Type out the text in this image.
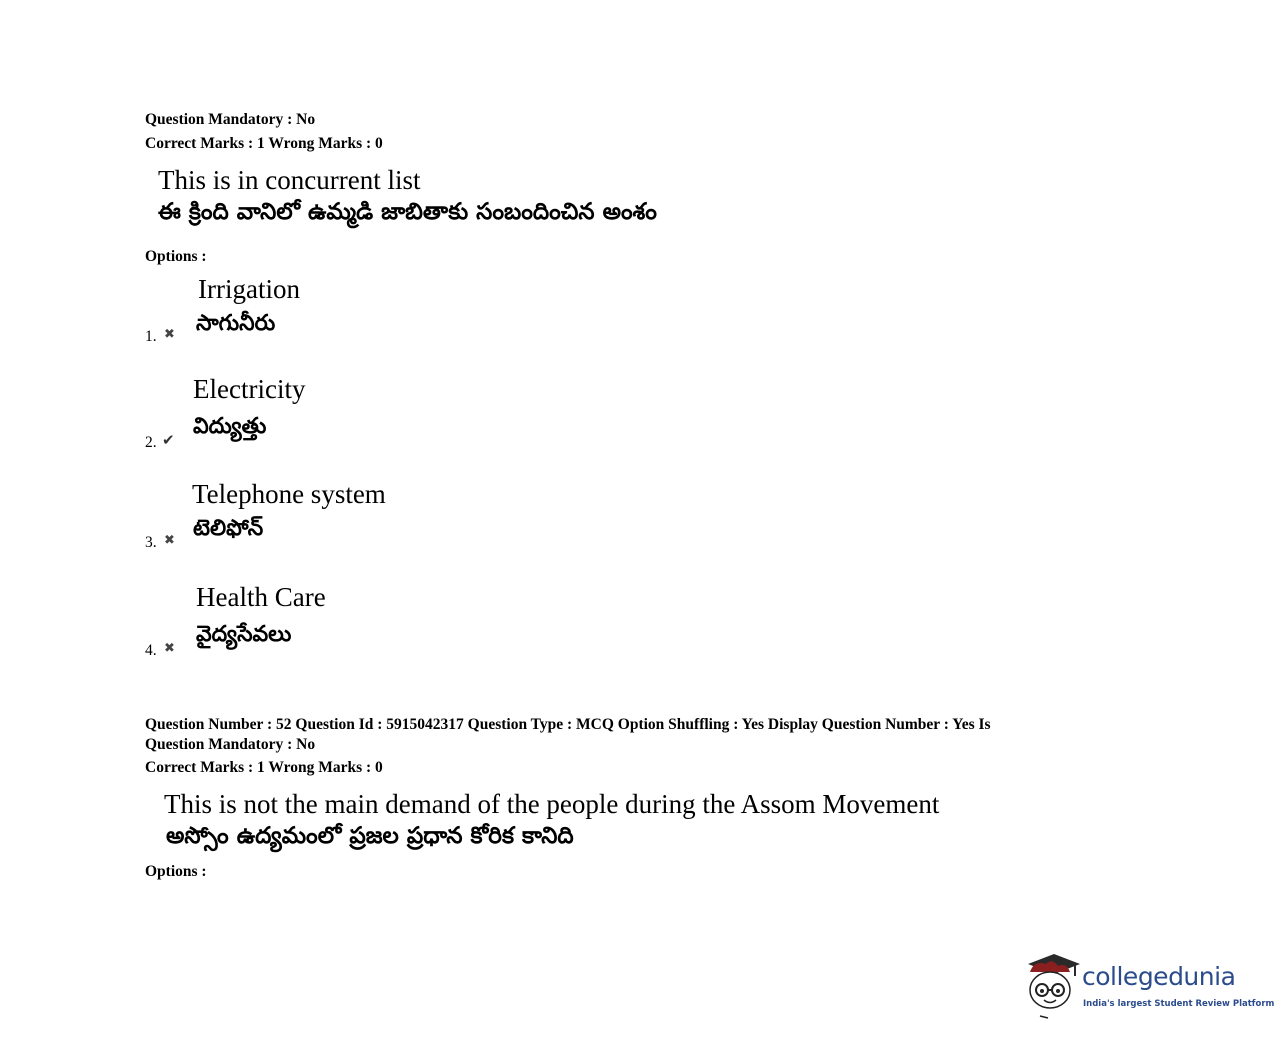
Question Mandatory : No
Correct Marks : 1 Wrong Marks : 0
This is in concurrent list
ఈ క్రింది వానిలో ఉమ్మడి జాబితాకు సంబందించిన అంశం
Options :
Irrigation
సాగునీరు
1. ✖
Electricity
విద్యుత్తు
2. ✔
Telephone system
టెలిఫోన్
3. ✖
Health Care
వైద్యసేవలు
4. ✖
Question Number : 52 Question Id : 5915042317 Question Type : MCQ Option Shuffling : Yes Display Question Number : Yes Is
Question Mandatory : No
Correct Marks : 1 Wrong Marks : 0
This is not the main demand of the people during the Assom Movement
అస్సోం ఉద్యమంలో ప్రజల ప్రధాన కోరిక కానిది
Options :
collegedunia
India's largest Student Review Platform
